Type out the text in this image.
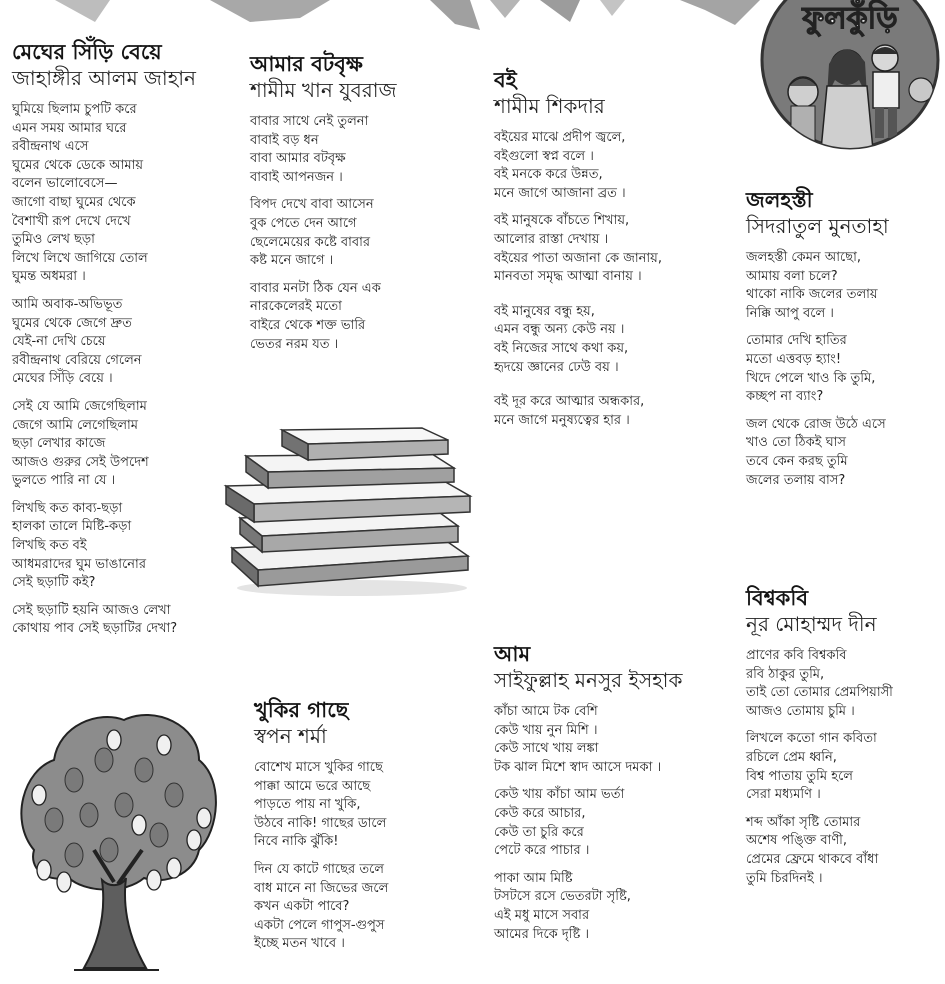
ফুলকুঁড়ি
মেঘের সিঁড়ি বেয়ে
জাহাঙ্গীর আলম জাহান
ঘুমিয়ে ছিলাম চুপটি করে
এমন সময় আমার ঘরে
রবীন্দ্রনাথ এসে
ঘুমের থেকে ডেকে আমায়
বলেন ভালোবেসে—
জাগো বাছা ঘুমের থেকে
বৈশাখী রূপ দেখে দেখে
তুমিও লেখ ছড়া
লিখে লিখে জাগিয়ে তোল
ঘুমন্ত অধমরা ।
আমি অবাক-অভিভূত
ঘুমের থেকে জেগে দ্রুত
যেই-না দেখি চেয়ে
রবীন্দ্রনাথ বেরিয়ে গেলেন
মেঘের সিঁড়ি বেয়ে ।
সেই যে আমি জেগেছিলাম
জেগে আমি লেগেছিলাম
ছড়া লেখার কাজে
আজও গুরুর সেই উপদেশ
ভুলতে পারি না যে ।
লিখছি কত কাব্য-ছড়া
হালকা তালে মিষ্টি-কড়া
লিখছি কত বই
আধমরাদের ঘুম ভাঙানোর
সেই ছড়াটি কই?
সেই ছড়াটি হয়নি আজও লেখা
কোথায় পাব সেই ছড়াটির দেখা?
আমার বটবৃক্ষ
শামীম খান যুবরাজ
বাবার সাথে নেই তুলনা
বাবাই বড় ধন
বাবা আমার বটবৃক্ষ
বাবাই আপনজন ।
বিপদ দেখে বাবা আসেন
বুক পেতে দেন আগে
ছেলেমেয়ের কষ্টে বাবার
কষ্ট মনে জাগে ।
বাবার মনটা ঠিক যেন এক
নারকেলেরই মতো
বাইরে থেকে শক্ত ভারি
ভেতর নরম যত ।
বই
শামীম শিকদার
বইয়ের মাঝে প্রদীপ জ্বলে,
বইগুলো স্বপ্ন বলে ।
বই মনকে করে উন্নত,
মনে জাগে আজানা ব্রত ।
বই মানুষকে বাঁচতে শিখায়,
আলোর রাস্তা দেখায় ।
বইয়ের পাতা অজানা কে জানায়,
মানবতা সমৃদ্ধ আত্মা বানায় ।
বই মানুষের বন্ধু হয়,
এমন বন্ধু অন্য কেউ নয় ।
বই নিজের সাথে কথা কয়,
হৃদয়ে জ্ঞানের ঢেউ বয় ।
বই দূর করে আত্মার অন্ধকার,
মনে জাগে মনুষ্যত্বের হার ।
জলহস্তী
সিদরাতুল মুনতাহা
জলহস্তী কেমন আছো,
আমায় বলা চলে?
থাকো নাকি জলের তলায়
নিক্কি আপু বলে ।
তোমার দেখি হাতির
মতো এত্তবড় হ্যাং!
খিদে পেলে খাও কি তুমি,
কচ্ছপ না ব্যাং?
জল থেকে রোজ উঠে এসে
খাও তো ঠিকই ঘাস
তবে কেন করছ তুমি
জলের তলায় বাস?
বিশ্বকবি
নূর মোহাম্মদ দীন
প্রাণের কবি বিশ্বকবি
রবি ঠাকুর তুমি,
তাই তো তোমার প্রেমপিয়াসী
আজও তোমায় চুমি ।
লিখলে কতো গান কবিতা
রচিলে প্রেম ধ্বনি,
বিশ্ব পাতায় তুমি হলে
সেরা মধ্যমণি ।
শব্দ আঁকা সৃষ্টি তোমার
অশেষ পঙ্ক্তি বাণী,
প্রেমের ফ্রেমে থাকবে বাঁধা
তুমি চিরদিনই ।
আম
সাইফুল্লাহ মনসুর ইসহাক
কাঁচা আমে টক বেশি
কেউ খায় নুন মিশি ।
কেউ সাথে খায় লঙ্কা
টক ঝাল মিশে স্বাদ আসে দমকা ।
কেউ খায় কাঁচা আম ভর্তা
কেউ করে আচার,
কেউ তা চুরি করে
পেটে করে পাচার ।
পাকা আম মিষ্টি
টসটসে রসে ভেতরটা সৃষ্টি,
এই মধু মাসে সবার
আমের দিকে দৃষ্টি ।
খুকির গাছে
স্বপন শর্মা
বোশেখ মাসে খুকির গাছে
পাক্কা আমে ভরে আছে
পাড়তে পায় না খুকি,
উঠবে নাকি! গাছের ডালে
নিবে নাকি ঝুঁকি!
দিন যে কাটে গাছের তলে
বাধ মানে না জিভের জলে
কখন একটা পাবে?
একটা পেলে গাপুস-গুপুস
ইচ্ছে মতন খাবে ।
